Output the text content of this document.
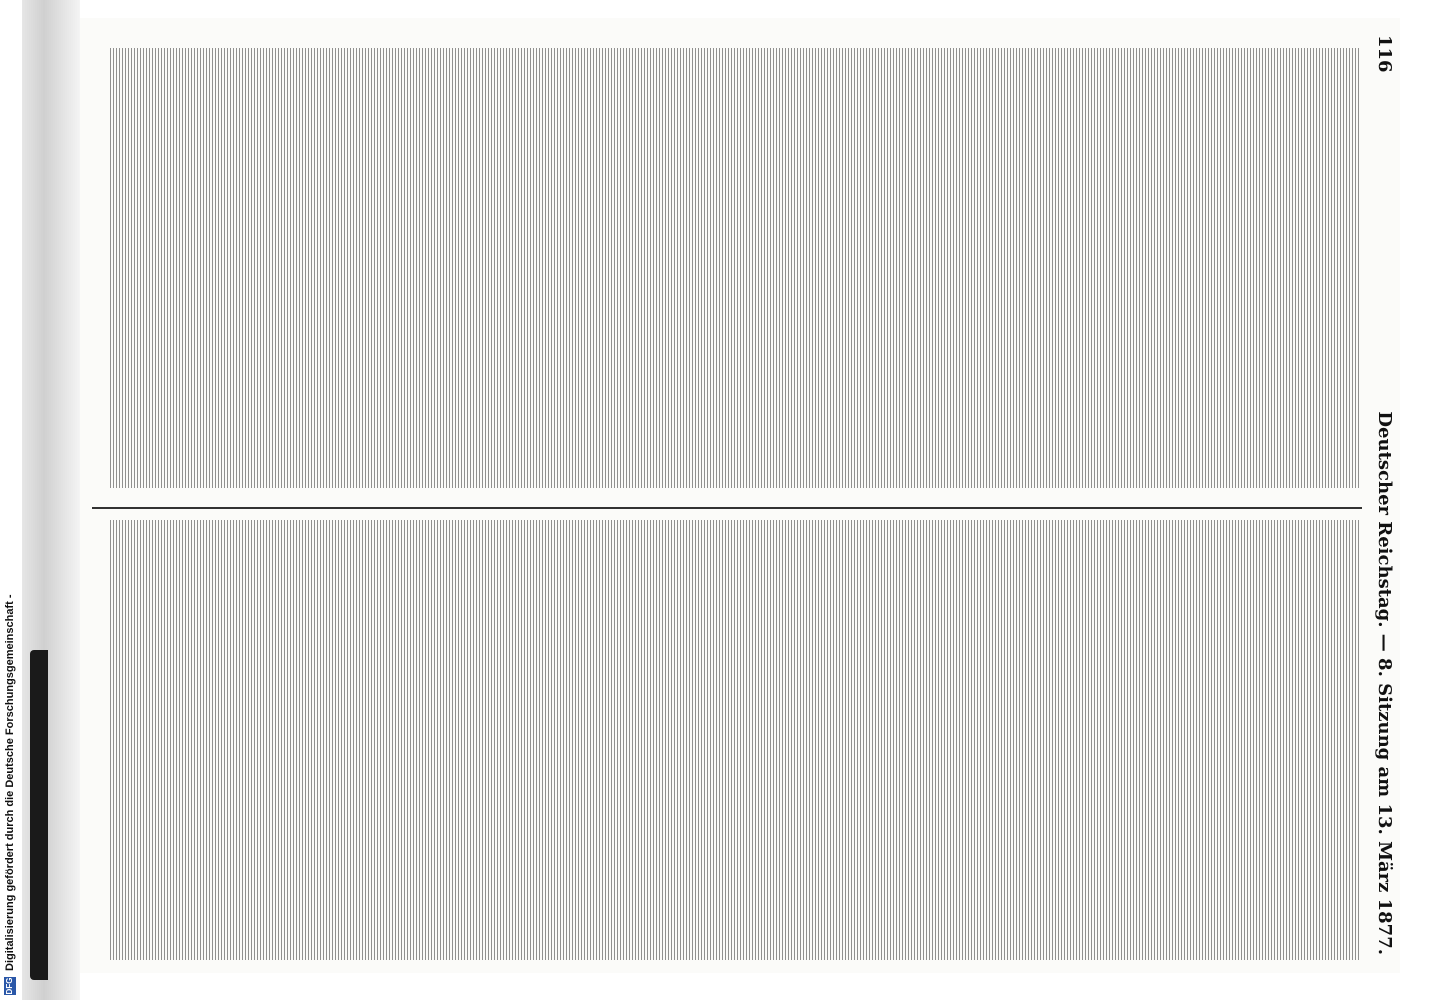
DFG
Digitalisierung gefördert durch die Deutsche Forschungsgemeinschaft -
116
Deutscher Reichstag. — 8. Sitzung am 13. März 1877.
